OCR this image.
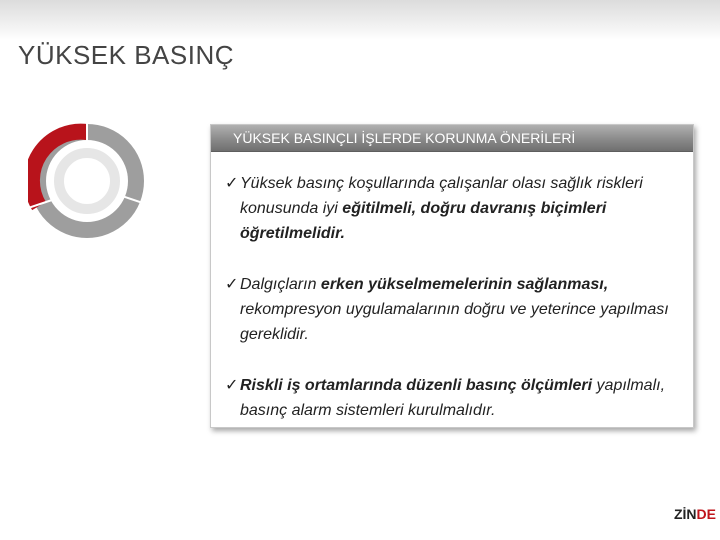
YÜKSEK BASINÇ
YÜKSEK BASINÇLI İŞLERDE KORUNMA ÖNERİLERİ
✓ Yüksek basınç koşullarında çalışanlar olası sağlık riskleri konusunda iyi eğitilmeli, doğru davranış biçimleri öğretilmelidir.
✓ Dalgıçların erken yükselmemelerinin sağlanması, rekompresyon uygulamalarının doğru ve yeterince yapılması gereklidir.
✓ Riskli iş ortamlarında düzenli basınç ölçümleri yapılmalı, basınç alarm sistemleri kurulmalıdır.
ZİNDE
